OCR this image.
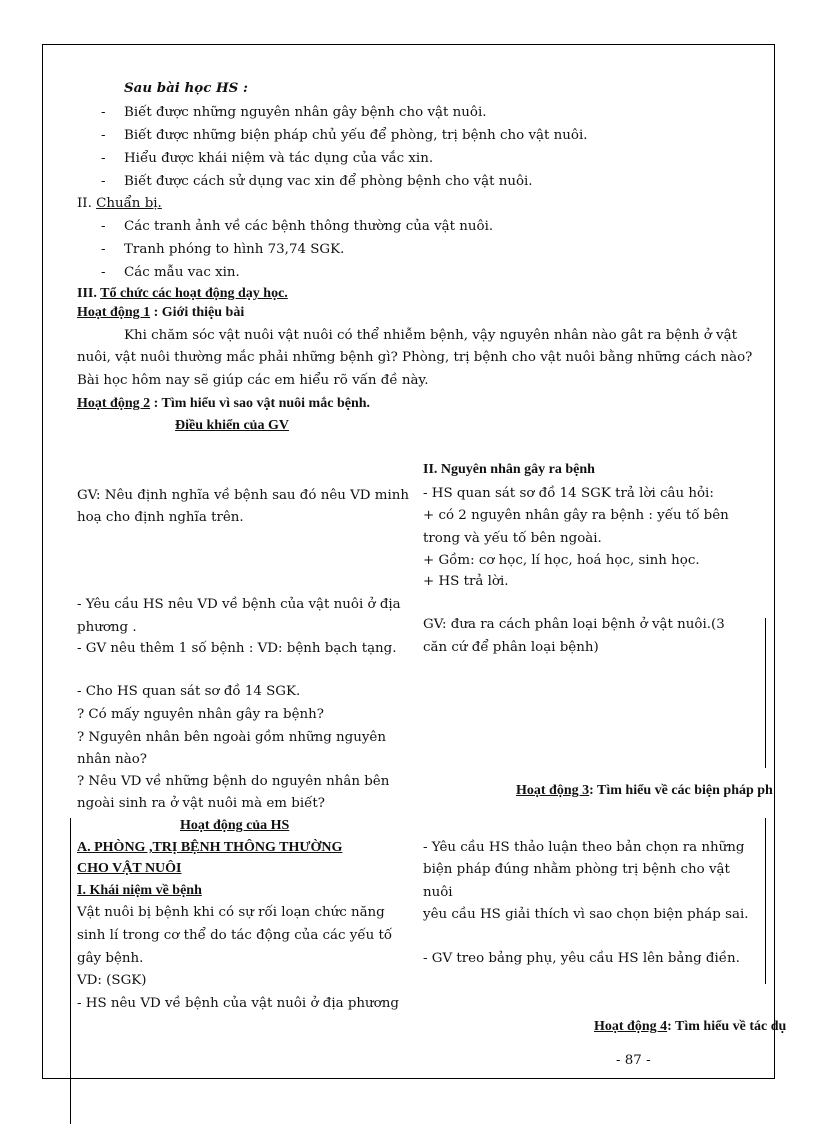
Sau bài học HS :
- Biết được những nguyên nhân gây bệnh cho vật nuôi.
- Biết được những biện pháp chủ yếu để phòng, trị bệnh cho vật nuôi.
- Hiểu được khái niệm và tác dụng của vắc xin.
- Biết được cách sử dụng vac xin để phòng bệnh cho vật nuôi.
II. Chuẩn bị.
- Các tranh ảnh về các bệnh thông thường của vật nuôi.
- Tranh phóng to hình 73,74 SGK.
- Các mẫu vac xin.
III. Tổ chức các hoạt động dạy học.
Hoạt động 1 : Giới thiệu bài
Khi chăm sóc vật nuôi vật nuôi có thể nhiễm bệnh, vậy nguyên nhân nào gât ra bệnh ở vật
nuôi, vật nuôi thường mắc phải những bệnh gì? Phòng, trị bệnh cho vật nuôi bằng những cách nào?
Bài học hôm nay sẽ giúp các em hiểu rõ vấn đề này.
Hoạt động 2 : Tìm hiểu vì sao vật nuôi mắc bệnh.
Điều khiển của GV
GV: Nêu định nghĩa về bệnh sau đó nêu VD minh
hoạ cho định nghĩa trên.
- Yêu cầu HS nêu VD về bệnh của vật nuôi ở địa
phương .
- GV nêu thêm 1 số bệnh : VD: bệnh bạch tạng.
- Cho HS quan sát sơ đồ 14 SGK.
? Có mấy nguyên nhân gây ra bệnh?
? Nguyên nhân bên ngoài gồm những nguyên
nhân nào?
? Nêu VD về những bệnh do nguyên nhân bên
ngoài sinh ra ở vật nuôi mà em biết?
Hoạt động của HS
A. PHÒNG ,TRỊ BỆNH THÔNG THƯỜNG
CHO VẬT NUÔI
I. Khái niệm về bệnh
Vật nuôi bị bệnh khi có sự rối loạn chức năng
sinh lí trong cơ thể do tác động của các yếu tố
gây bệnh.
VD: (SGK)
- HS nêu VD về bệnh của vật nuôi ở địa phương
II. Nguyên nhân gây ra bệnh
- HS quan sát sơ đồ 14 SGK trả lời câu hỏi:
+ có 2 nguyên nhân gây ra bệnh : yếu tố bên
trong và yếu tố bên ngoài.
+ Gồm: cơ học, lí học, hoá học, sinh học.
+ HS trả lời.
GV: đưa ra cách phân loại bệnh ở vật nuôi.(3
căn cứ để phân loại bệnh)
Hoạt động 3: Tìm hiểu về các biện pháp ph
- Yêu cầu HS thảo luận theo bản chọn ra những
biện pháp đúng nhằm phòng trị bệnh cho vật
nuôi
yêu cầu HS giải thích vì sao chọn biện pháp sai.
- GV treo bảng phụ, yêu cầu HS lên bảng điền.
Hoạt động 4: Tìm hiểu về tác dụ
- 87 -
